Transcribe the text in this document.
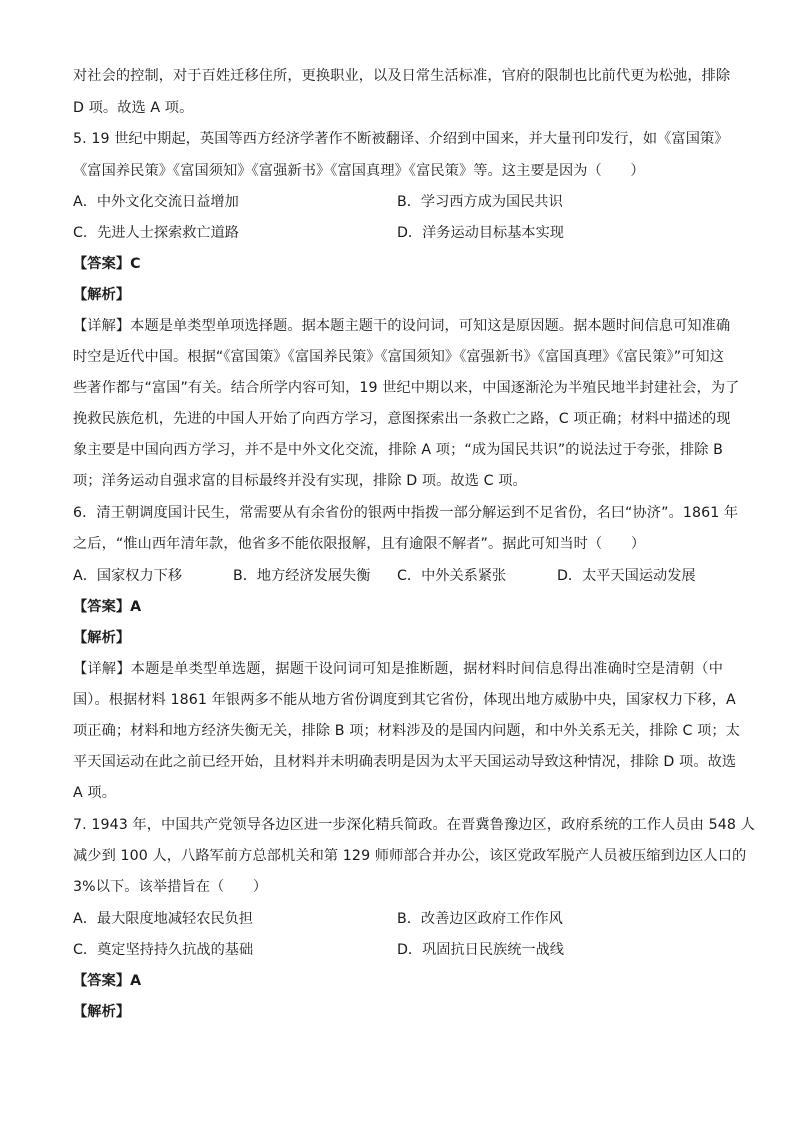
对社会的控制，对于百姓迁移住所，更换职业，以及日常生活标准，官府的限制也比前代更为松弛，排除
D 项。故选 A 项。
5. 19 世纪中期起，英国等西方经济学著作不断被翻译、介绍到中国来，并大量刊印发行，如《富国策》
《富国养民策》《富国须知》《富强新书》《富国真理》《富民策》等。这主要是因为（　　）
A．中外文化交流日益增加	B．学习西方成为国民共识
C．先进人士探索救亡道路	D．洋务运动目标基本实现
【答案】C
【解析】
【详解】本题是单类型单项选择题。据本题主题干的设问词，可知这是原因题。据本题时间信息可知准确
时空是近代中国。根据“《富国策》《富国养民策》《富国须知》《富强新书》《富国真理》《富民策》”可知这
些著作都与“富国”有关。结合所学内容可知，19 世纪中期以来，中国逐渐沦为半殖民地半封建社会，为了
挽救民族危机，先进的中国人开始了向西方学习，意图探索出一条救亡之路，C 项正确；材料中描述的现
象主要是中国向西方学习，并不是中外文化交流，排除 A 项；“成为国民共识”的说法过于夸张，排除 B
项；洋务运动自强求富的目标最终并没有实现，排除 D 项。故选 C 项。
6．清王朝调度国计民生，常需要从有余省份的银两中指拨一部分解运到不足省份，名曰“协济”。1861 年
之后，“惟山西年清年款，他省多不能依限报解，且有逾限不解者”。据此可知当时（　　）
A．国家权力下移	B．地方经济发展失衡 C．中外关系紧张	D．太平天国运动发展
【答案】A
【解析】
【详解】本题是单类型单选题，据题干设问词可知是推断题，据材料时间信息得出准确时空是清朝（中
国）。根据材料 1861 年银两多不能从地方省份调度到其它省份，体现出地方威胁中央，国家权力下移，A
项正确；材料和地方经济失衡无关，排除 B 项；材料涉及的是国内问题，和中外关系无关，排除 C 项；太
平天国运动在此之前已经开始，且材料并未明确表明是因为太平天国运动导致这种情况，排除 D 项。故选
A 项。
7. 1943 年，中国共产党领导各边区进一步深化精兵简政。在晋冀鲁豫边区，政府系统的工作人员由 548 人
减少到 100 人，八路军前方总部机关和第 129 师师部合并办公，该区党政军脱产人员被压缩到边区人口的
3%以下。该举措旨在（　　）
A．最大限度地减轻农民负担	B．改善边区政府工作作风
C．奠定坚持持久抗战的基础	D．巩固抗日民族统一战线
【答案】A
【解析】
